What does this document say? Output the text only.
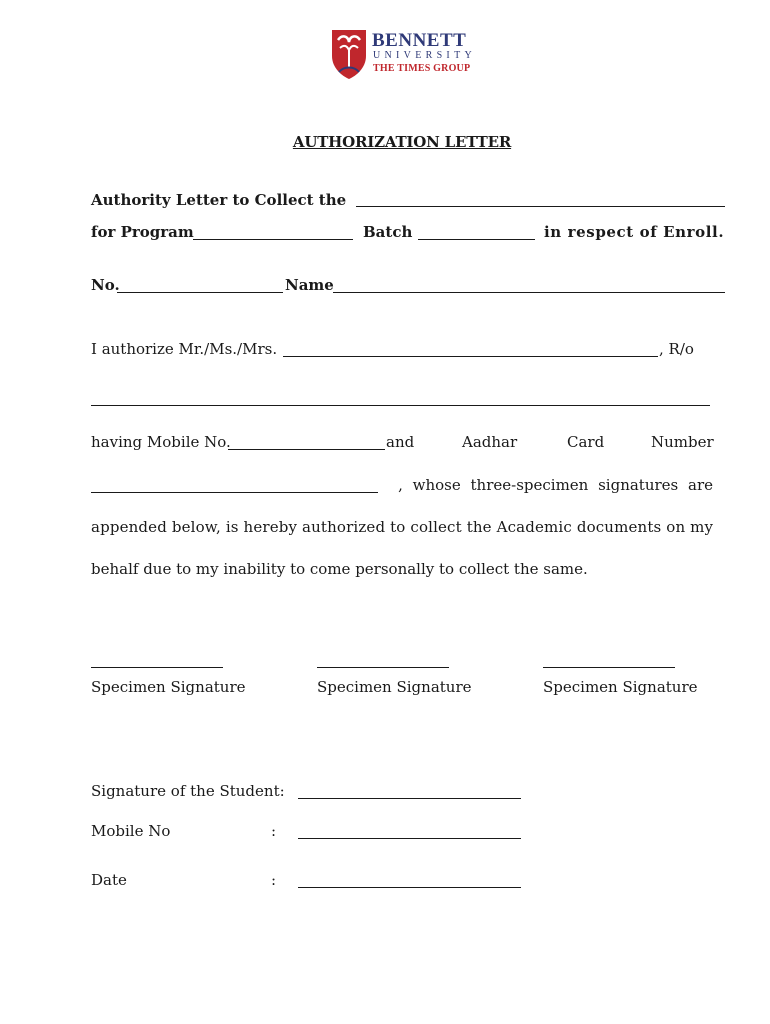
BENNETT
UNIVERSITY
THE TIMES GROUP
AUTHORIZATION LETTER
Authority Letter to Collect the
for Program	Batch	in respect of Enroll.
No.	Name
I authorize Mr./Ms./Mrs.	, R/o
having Mobile No.	and	Aadhar	Card	Number
, whose three-specimen signatures are
appended below, is hereby authorized to collect the Academic documents on my
behalf due to my inability to come personally to collect the same.
Specimen Signature	Specimen Signature	Specimen Signature
Signature of the Student:
Mobile No	:
Date	:
